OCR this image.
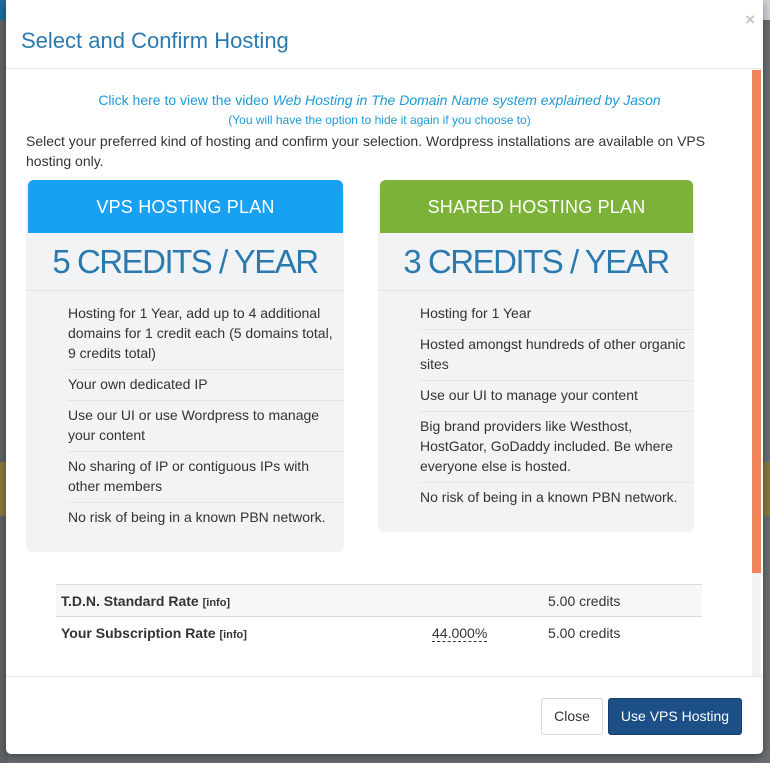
Select and Confirm Hosting
×
Click here to view the video Web Hosting in The Domain Name system explained by Jason
(You will have the option to hide it again if you choose to)

Select your preferred kind of hosting and confirm your selection. Wordpress installations are available on VPS hosting only.

VPS HOSTING PLAN
5 CREDITS / YEAR
Hosting for 1 Year, add up to 4 additional domains for 1 credit each (5 domains total, 9 credits total)
Your own dedicated IP
Use our UI or use Wordpress to manage your content
No sharing of IP or contiguous IPs with other members
No risk of being in a known PBN network.
SHARED HOSTING PLAN
3 CREDITS / YEAR
Hosting for 1 Year
Hosted amongst hundreds of other organic sites
Use our UI to manage your content
Big brand providers like Westhost, HostGator, GoDaddy included. Be where everyone else is hosted.
No risk of being in a known PBN network.
T.D.N. Standard Rate [info]		5.00 credits
Your Subscription Rate [info]	44.000%	5.00 credits
Close	Use VPS Hosting
